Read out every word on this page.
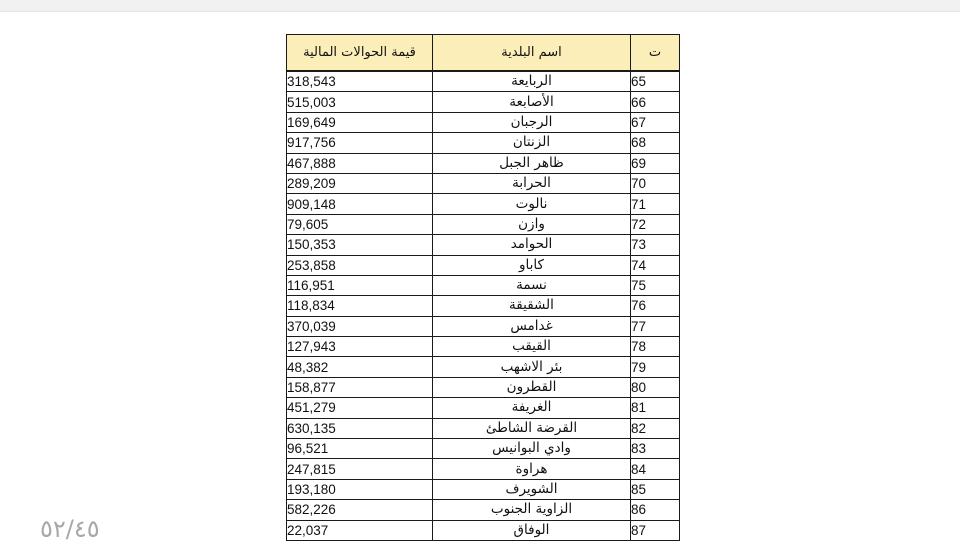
قيمة الحوالات المالية	اسم البلدية	ت
318,543	الربايعة	65
515,003	الأصابعة	66
169,649	الرجبان	67
917,756	الزنتان	68
467,888	ظاهر الجبل	69
289,209	الحرابة	70
909,148	نالوت	71
79,605	وازن	72
150,353	الحوامد	73
253,858	كاباو	74
116,951	نسمة	75
118,834	الشقيقة	76
370,039	غدامس	77
127,943	القيقب	78
48,382	بئر الاشهب	79
158,877	القطرون	80
451,279	الغريفة	81
630,135	القرضة الشاطئ	82
96,521	وادي البوانيس	83
247,815	هراوة	84
193,180	الشويرف	85
582,226	الزاوية الجنوب	86
22,037	الوفاق	87
٥٢/٤٥
